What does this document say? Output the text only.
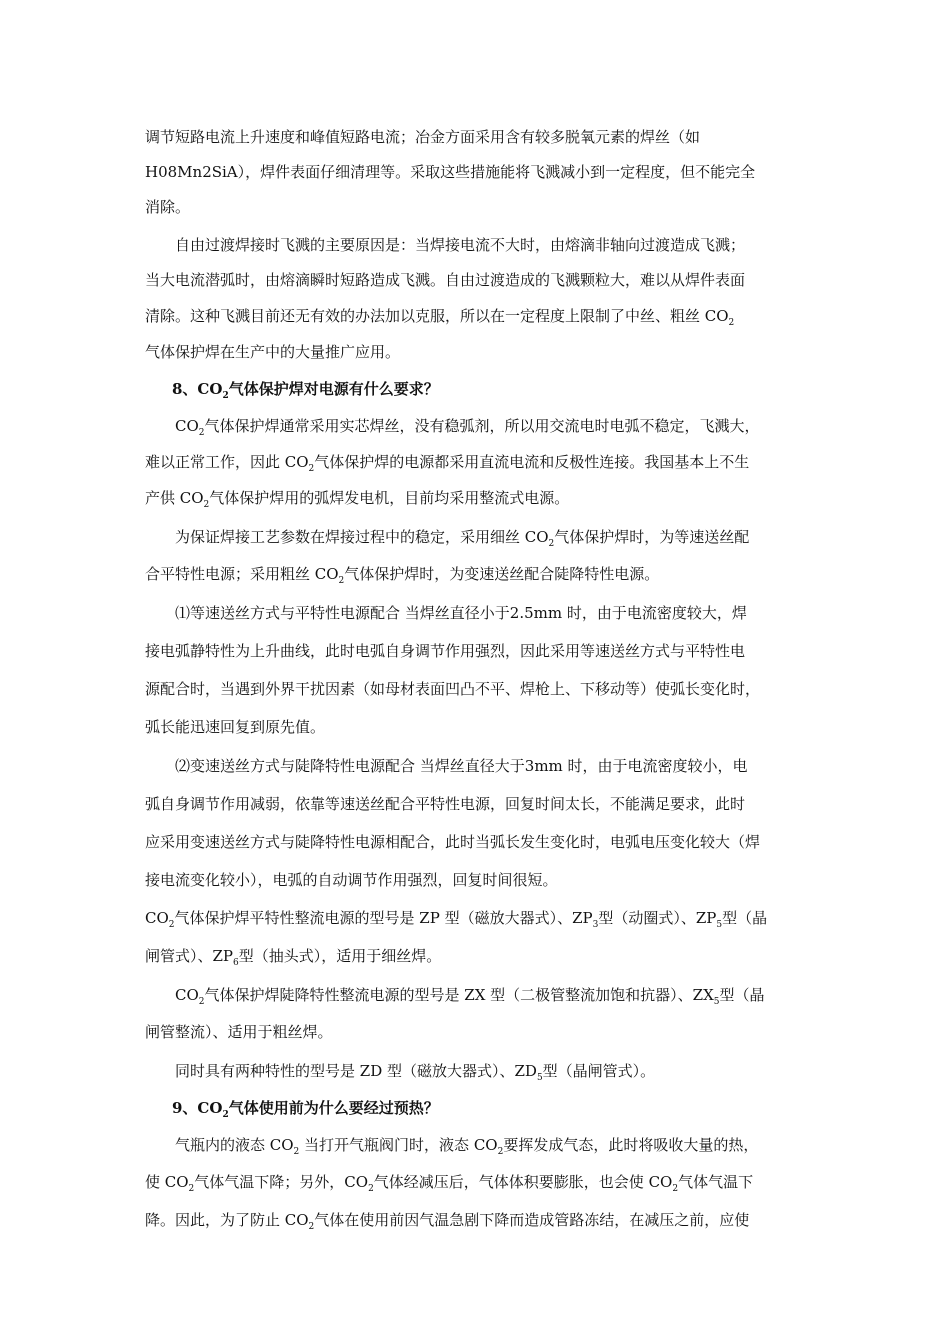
调节短路电流上升速度和峰值短路电流；冶金方面采用含有较多脱氧元素的焊丝（如
H08Mn2SiA），焊件表面仔细清理等。采取这些措施能将飞溅减小到一定程度，但不能完全
消除。
自由过渡焊接时飞溅的主要原因是：当焊接电流不大时，由熔滴非轴向过渡造成飞溅；
当大电流潜弧时，由熔滴瞬时短路造成飞溅。自由过渡造成的飞溅颗粒大，难以从焊件表面
清除。这种飞溅目前还无有效的办法加以克服，所以在一定程度上限制了中丝、粗丝 $CO_2$
气体保护焊在生产中的大量推广应用。
8、$CO_2$气体保护焊对电源有什么要求？
$CO_2$气体保护焊通常采用实芯焊丝，没有稳弧剂，所以用交流电时电弧不稳定，飞溅大，
难以正常工作，因此 $CO_2$气体保护焊的电源都采用直流电流和反极性连接。我国基本上不生
产供 $CO_2$气体保护焊用的弧焊发电机，目前均采用整流式电源。
为保证焊接工艺参数在焊接过程中的稳定，采用细丝 $CO_2$气体保护焊时，为等速送丝配
合平特性电源；采用粗丝 $CO_2$气体保护焊时，为变速送丝配合陡降特性电源。
⑴等速送丝方式与平特性电源配合 当焊丝直径小于2.5mm 时，由于电流密度较大，焊
接电弧静特性为上升曲线，此时电弧自身调节作用强烈，因此采用等速送丝方式与平特性电
源配合时，当遇到外界干扰因素（如母材表面凹凸不平、焊枪上、下移动等）使弧长变化时，
弧长能迅速回复到原先值。
⑵变速送丝方式与陡降特性电源配合 当焊丝直径大于3mm 时，由于电流密度较小，电
弧自身调节作用减弱，依靠等速送丝配合平特性电源，回复时间太长，不能满足要求，此时
应采用变速送丝方式与陡降特性电源相配合，此时当弧长发生变化时，电弧电压变化较大（焊
接电流变化较小），电弧的自动调节作用强烈，回复时间很短。
$CO_2$气体保护焊平特性整流电源的型号是 ZP 型（磁放大器式）、$ZP_3$型（动圈式）、$ZP_5$型（晶
闸管式）、$ZP_6$型（抽头式），适用于细丝焊。
$CO_2$气体保护焊陡降特性整流电源的型号是 ZX 型（二极管整流加饱和抗器）、$ZX_5$型（晶
闸管整流）、适用于粗丝焊。
同时具有两种特性的型号是 ZD 型（磁放大器式）、$ZD_5$型（晶闸管式）。
9、$CO_2$气体使用前为什么要经过预热？
气瓶内的液态 $CO_2$ 当打开气瓶阀门时，液态 $CO_2$要挥发成气态，此时将吸收大量的热，
使 $CO_2$气体气温下降；另外，$CO_2$气体经减压后，气体体积要膨胀，也会使 $CO_2$气体气温下
降。因此，为了防止 $CO_2$气体在使用前因气温急剧下降而造成管路冻结，在减压之前，应使
